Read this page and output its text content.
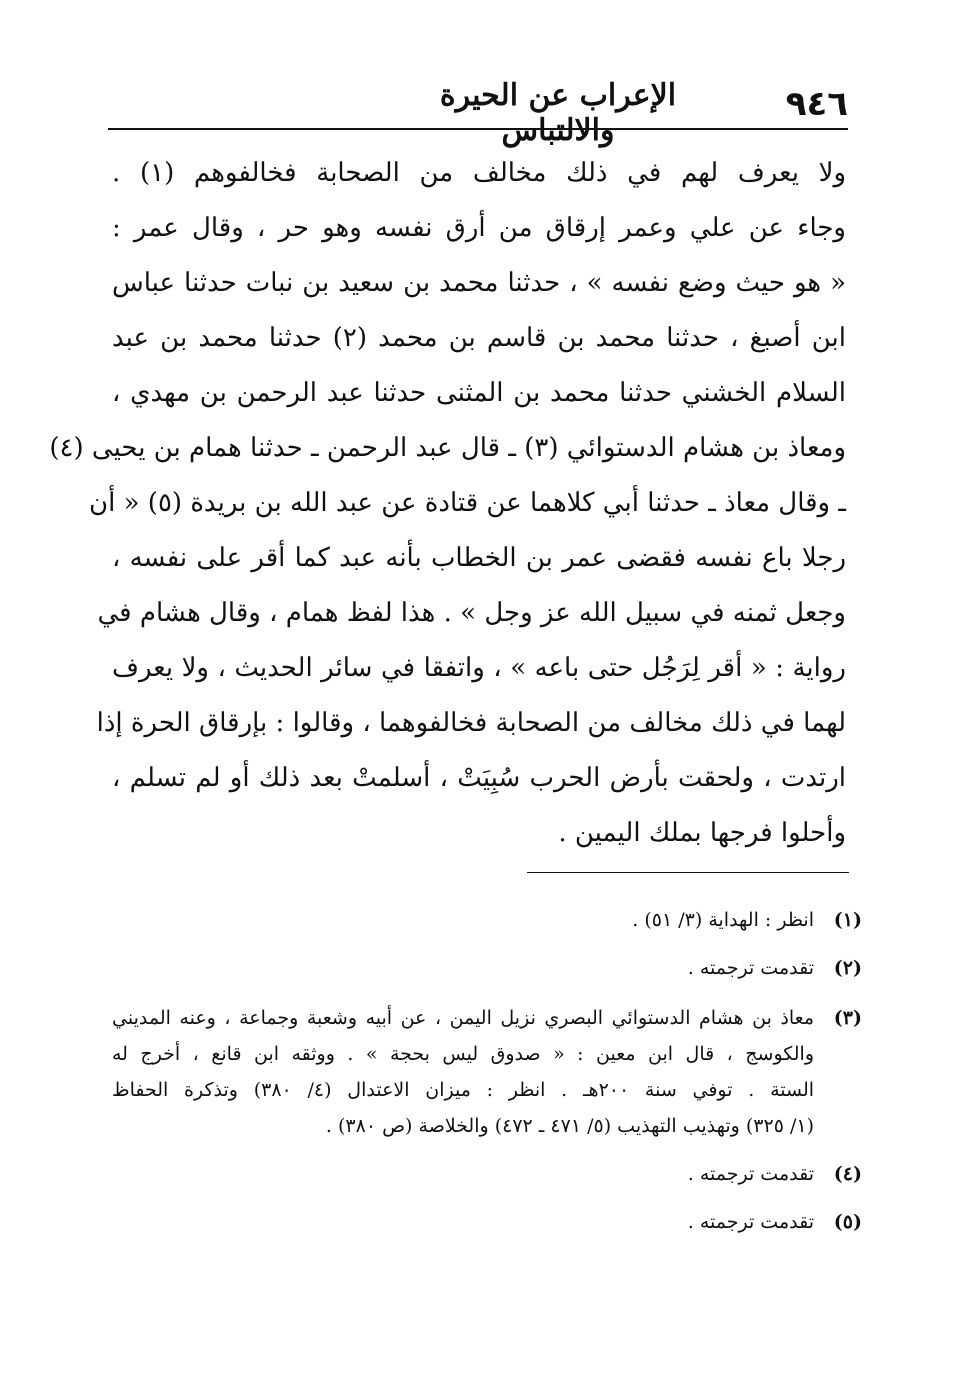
الإعراب عن الحيرة والالتباس
٩٤٦
ولا يعرف لهم في ذلك مخالف من الصحابة فخالفوهم (١) .
وجاء عن علي وعمر إرقاق من أرق نفسه وهو حر ، وقال عمر :
« هو حيث وضع نفسه » ، حدثنا محمد بن سعيد بن نبات حدثنا عباس
ابن أصبغ ، حدثنا محمد بن قاسم بن محمد (٢) حدثنا محمد بن عبد
السلام الخشني حدثنا محمد بن المثنى حدثنا عبد الرحمن بن مهدي ،
ومعاذ بن هشام الدستوائي (٣) ـ قال عبد الرحمن ـ حدثنا همام بن يحيى (٤)
ـ وقال معاذ ـ حدثنا أبي كلاهما عن قتادة عن عبد الله بن بريدة (٥) « أن
رجلا باع نفسه فقضى عمر بن الخطاب بأنه عبد كما أقر على نفسه ،
وجعل ثمنه في سبيل الله عز وجل » . هذا لفظ همام ، وقال هشام في
رواية : « أقر لِرَجُل حتى باعه » ، واتفقا في سائر الحديث ، ولا يعرف
لهما في ذلك مخالف من الصحابة فخالفوهما ، وقالوا : بإرقاق الحرة إذا
ارتدت ، ولحقت بأرض الحرب سُبِيَتْ ، أسلمتْ بعد ذلك أو لم تسلم ،
وأحلوا فرجها بملك اليمين .
(١)
انظر : الهداية (٣/ ٥١) .
(٢)
تقدمت ترجمته .
(٣)
معاذ بن هشام الدستوائي البصري نزيل اليمن ، عن أبيه وشعبة وجماعة ، وعنه المديني
والكوسج ، قال ابن معين : « صدوق ليس بحجة » . ووثقه ابن قانع ، أخرج له
الستة . توفي سنة ٢٠٠هـ . انظر : ميزان الاعتدال (٤/ ٣٨٠) وتذكرة الحفاظ
(١/ ٣٢٥) وتهذيب التهذيب (٥/ ٤٧١ ـ ٤٧٢) والخلاصة (ص ٣٨٠) .
(٤)
تقدمت ترجمته .
(٥)
تقدمت ترجمته .
